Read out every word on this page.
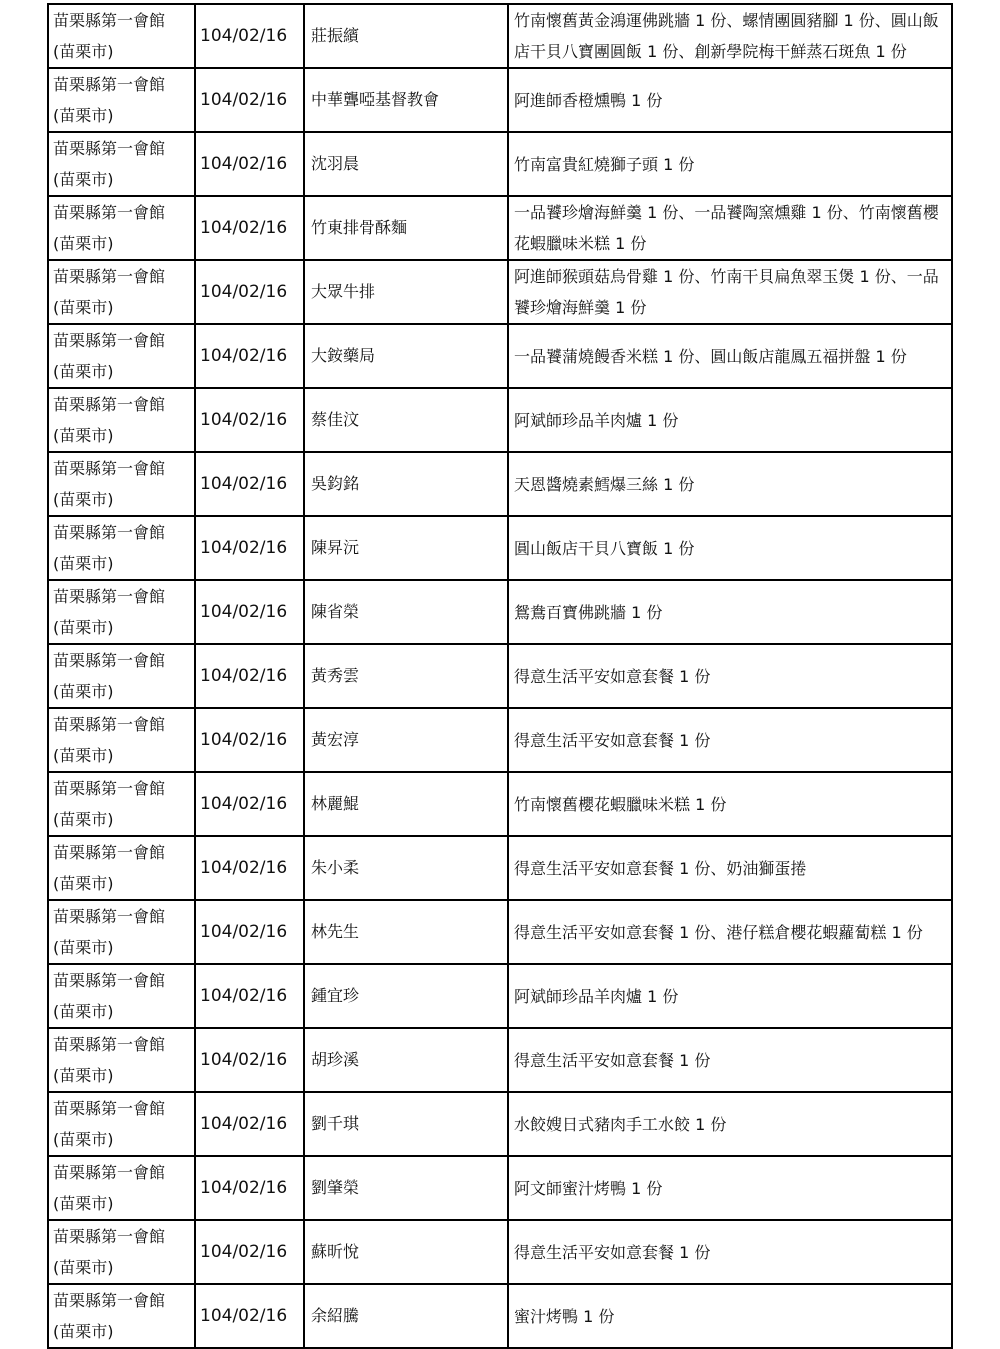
苗栗縣第一會館
(苗栗市)	104/02/16	莊振繽	竹南懷舊黃金鴻運佛跳牆 1 份、螺情團圓豬腳 1 份、圓山飯店干貝八寶團圓飯 1 份、創新學院梅干鮮蒸石斑魚 1 份

苗栗縣第一會館
(苗栗市)	104/02/16	中華聾啞基督教會	阿進師香橙燻鴨 1 份

苗栗縣第一會館
(苗栗市)	104/02/16	沈羽晨	竹南富貴紅燒獅子頭 1 份

苗栗縣第一會館
(苗栗市)	104/02/16	竹東排骨酥麵	一品饕珍燴海鮮羹 1 份、一品饕陶窯燻雞 1 份、竹南懷舊櫻花蝦臘味米糕 1 份

苗栗縣第一會館
(苗栗市)	104/02/16	大眾牛排	阿進師猴頭菇烏骨雞 1 份、竹南干貝扁魚翠玉煲 1 份、一品饕珍燴海鮮羹 1 份

苗栗縣第一會館
(苗栗市)	104/02/16	大銨藥局	一品饕蒲燒饅香米糕 1 份、圓山飯店龍鳳五福拼盤 1 份

苗栗縣第一會館
(苗栗市)	104/02/16	蔡佳汶	阿斌師珍品羊肉爐 1 份

苗栗縣第一會館
(苗栗市)	104/02/16	吳鈞銘	天恩醬燒素鱈爆三絲 1 份

苗栗縣第一會館
(苗栗市)	104/02/16	陳昇沅	圓山飯店干貝八寶飯 1 份

苗栗縣第一會館
(苗栗市)	104/02/16	陳省榮	鴛鴦百寶佛跳牆 1 份

苗栗縣第一會館
(苗栗市)	104/02/16	黃秀雲	得意生活平安如意套餐 1 份

苗栗縣第一會館
(苗栗市)	104/02/16	黃宏淳	得意生活平安如意套餐 1 份

苗栗縣第一會館
(苗栗市)	104/02/16	林麗鯤	竹南懷舊櫻花蝦臘味米糕 1 份

苗栗縣第一會館
(苗栗市)	104/02/16	朱小柔	得意生活平安如意套餐 1 份、奶油獅蛋捲

苗栗縣第一會館
(苗栗市)	104/02/16	林先生	得意生活平安如意套餐 1 份、港仔糕倉櫻花蝦蘿蔔糕 1 份

苗栗縣第一會館
(苗栗市)	104/02/16	鍾宜珍	阿斌師珍品羊肉爐 1 份

苗栗縣第一會館
(苗栗市)	104/02/16	胡珍溪	得意生活平安如意套餐 1 份

苗栗縣第一會館
(苗栗市)	104/02/16	劉千琪	水餃嫂日式豬肉手工水餃 1 份

苗栗縣第一會館
(苗栗市)	104/02/16	劉肇榮	阿文師蜜汁烤鴨 1 份

苗栗縣第一會館
(苗栗市)	104/02/16	蘇昕悅	得意生活平安如意套餐 1 份

苗栗縣第一會館
(苗栗市)	104/02/16	余紹騰	蜜汁烤鴨 1 份
